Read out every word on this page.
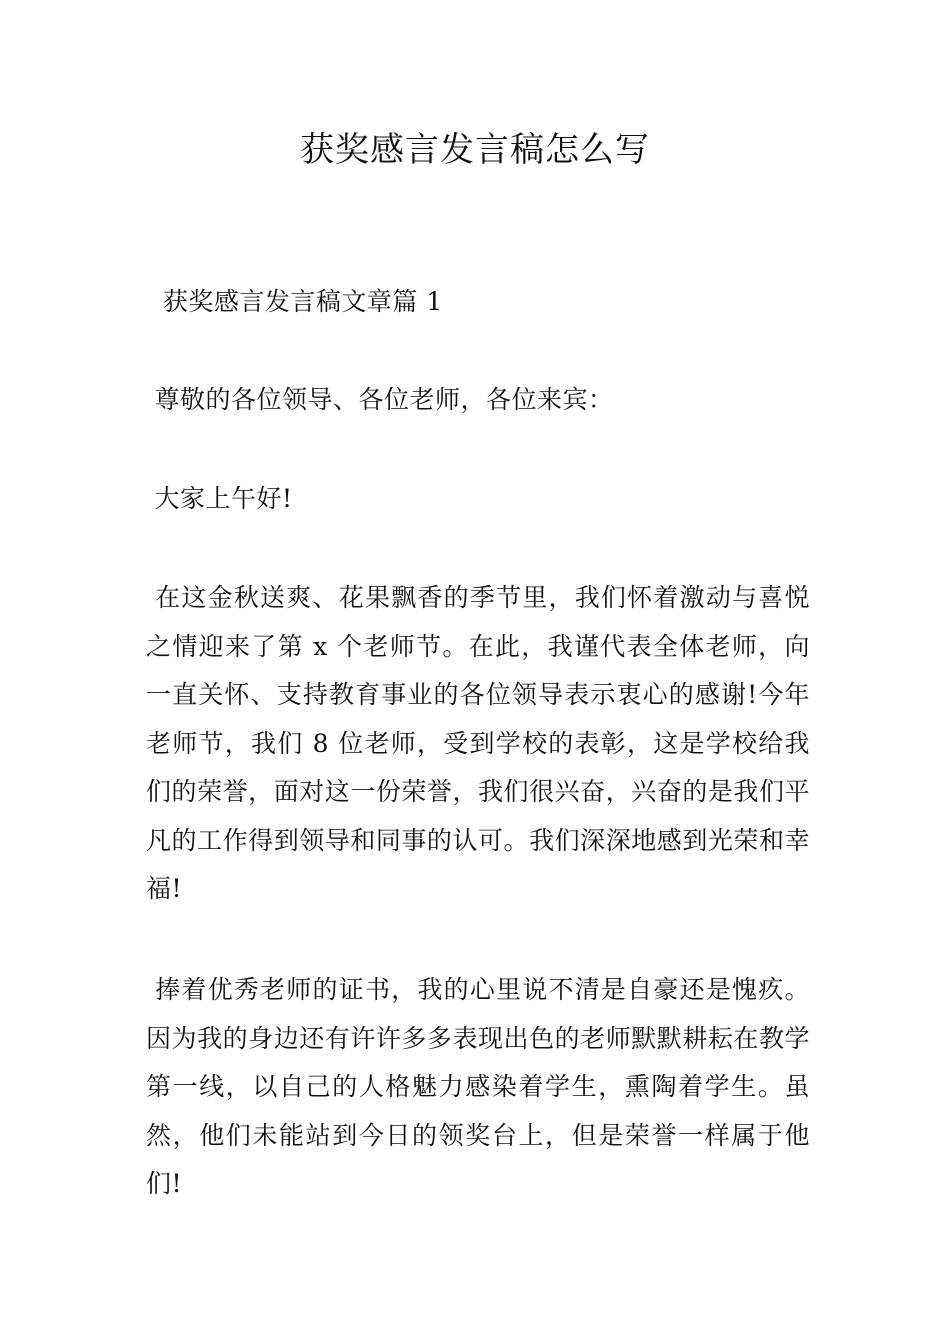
获奖感言发言稿怎么写

获奖感言发言稿文章篇 1

尊敬的各位领导、各位老师，各位来宾：

大家上午好!

在这金秋送爽、花果飘香的季节里，我们怀着激动与喜悦之情迎来了第 x 个老师节。在此，我谨代表全体老师，向一直关怀、支持教育事业的各位领导表示衷心的感谢!今年老师节，我们 8 位老师，受到学校的表彰，这是学校给我们的荣誉，面对这一份荣誉，我们很兴奋，兴奋的是我们平凡的工作得到领导和同事的认可。我们深深地感到光荣和幸福!

捧着优秀老师的证书，我的心里说不清是自豪还是愧疚。因为我的身边还有许许多多表现出色的老师默默耕耘在教学第一线，以自己的人格魅力感染着学生，熏陶着学生。虽然，他们未能站到今日的领奖台上，但是荣誉一样属于他们!
